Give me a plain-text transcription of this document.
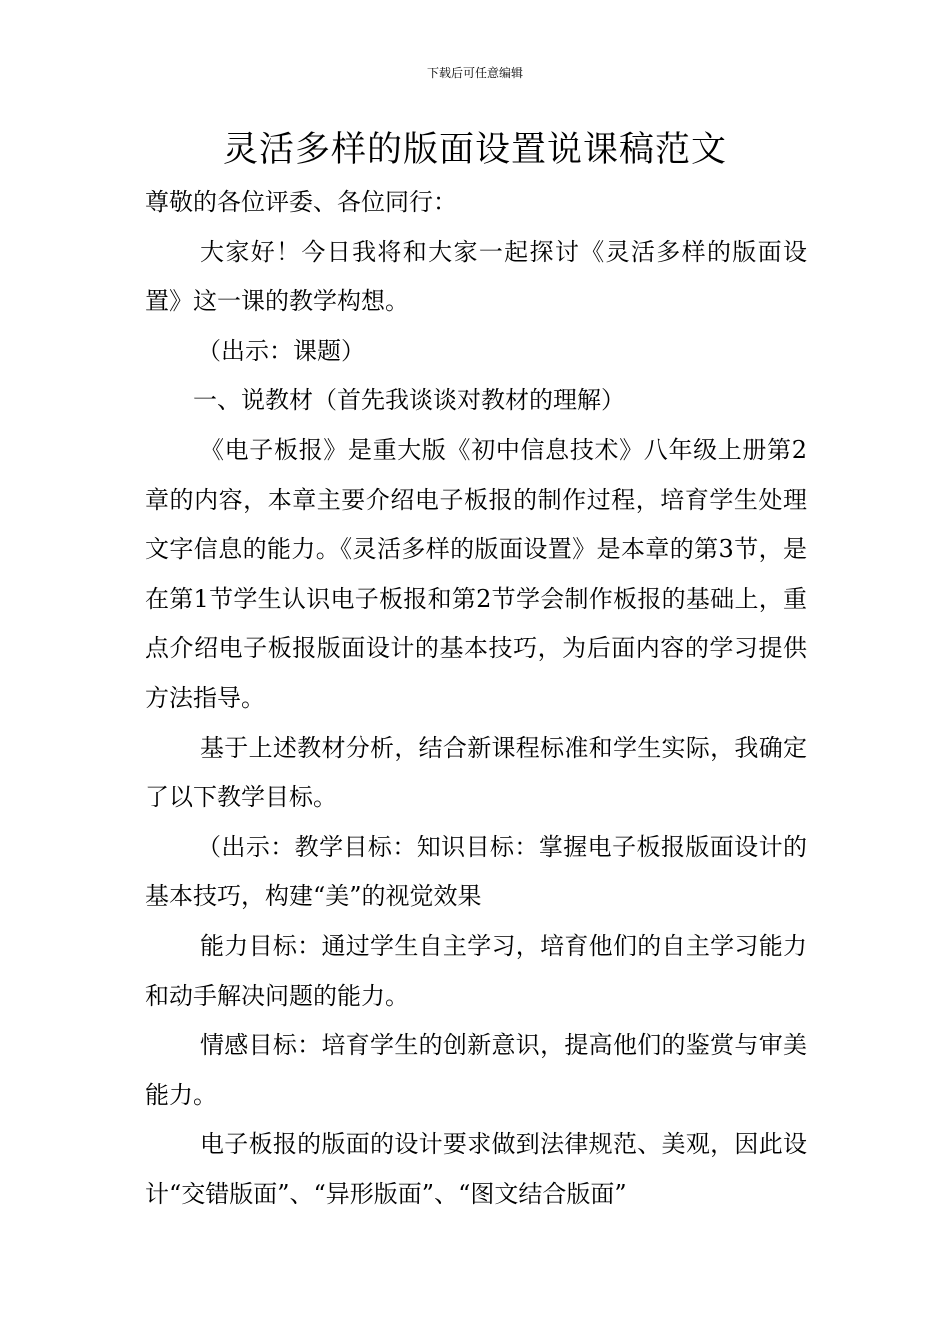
下载后可任意编辑
灵活多样的版面设置说课稿范文

尊敬的各位评委、各位同行：

大家好！今日我将和大家一起探讨《灵活多样的版面设置》这一课的教学构想。

（出示：课题）

一、说教材（首先我谈谈对教材的理解）

《电子板报》是重大版《初中信息技术》八年级上册第2章的内容，本章主要介绍电子板报的制作过程，培育学生处理文字信息的能力。《灵活多样的版面设置》是本章的第3节，是在第1节学生认识电子板报和第2节学会制作板报的基础上，重点介绍电子板报版面设计的基本技巧，为后面内容的学习提供方法指导。

基于上述教材分析，结合新课程标准和学生实际，我确定了以下教学目标。

（出示：教学目标：知识目标：掌握电子板报版面设计的基本技巧，构建“美”的视觉效果

能力目标：通过学生自主学习，培育他们的自主学习能力和动手解决问题的能力。

情感目标：培育学生的创新意识，提高他们的鉴赏与审美能力。

电子板报的版面的设计要求做到法律规范、美观，因此设计“交错版面”、“异形版面”、“图文结合版面”
